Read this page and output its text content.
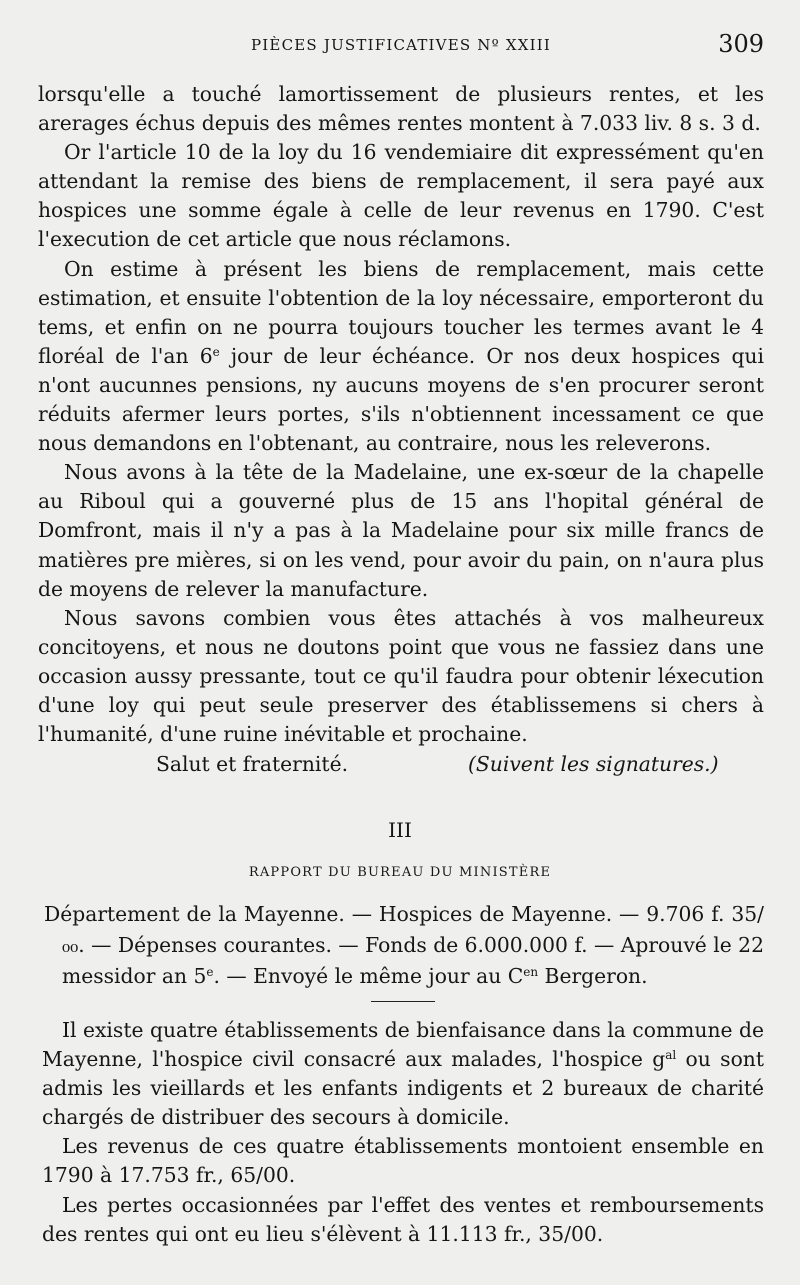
PIÈCES JUSTIFICATIVES Nº XXIII	309

lorsqu'elle a touché lamortissement de plusieurs rentes, et les arerages échus depuis des mêmes rentes montent à 7.033 liv. 8 s. 3 d.

Or l'article 10 de la loy du 16 vendemiaire dit expressément qu'en attendant la remise des biens de remplacement, il sera payé aux hospices une somme égale à celle de leur revenus en 1790. C'est l'execution de cet article que nous réclamons.

On estime à présent les biens de remplacement, mais cette estimation, et ensuite l'obtention de la loy nécessaire, emporteront du tems, et enfin on ne pourra toujours toucher les termes avant le 4 floréal de l'an 6e jour de leur échéance. Or nos deux hospices qui n'ont aucunnes pensions, ny aucuns moyens de s'en procurer seront réduits afermer leurs portes, s'ils n'obtiennent incessament ce que nous demandons en l'obtenant, au contraire, nous les releverons.

Nous avons à la tête de la Madelaine, une ex-sœur de la chapelle au Riboul qui a gouverné plus de 15 ans l'hopital général de Domfront, mais il n'y a pas à la Madelaine pour six mille francs de matières pre mières, si on les vend, pour avoir du pain, on n'aura plus de moyens de relever la manufacture.

Nous savons combien vous êtes attachés à vos malheureux concitoyens, et nous ne doutons point que vous ne fassiez dans une occasion aussy pressante, tout ce qu'il faudra pour obtenir léxecution d'une loy qui peut seule preserver des établissemens si chers à l'humanité, d'une ruine inévitable et prochaine.

Salut et fraternité.	(Suivent les signatures.)
III
RAPPORT DU BUREAU DU MINISTÈRE

Département de la Mayenne. — Hospices de Mayenne. — 9.706 f. 35/₀₀. — Dépenses courantes. — Fonds de 6.000.000 f. — Aprouvé le 22 messidor an 5e. — Envoyé le même jour au $C^{en}$ Bergeron.

Il existe quatre établissements de bienfaisance dans la commune de Mayenne, l'hospice civil consacré aux malades, l'hospice $g^{al}$ ou sont admis les vieillards et les enfants indigents et 2 bureaux de charité chargés de distribuer des secours à domicile.

Les revenus de ces quatre établissements montoient ensemble en 1790 à 17.753 fr., 65/00.

Les pertes occasionnées par l'effet des ventes et remboursements des rentes qui ont eu lieu s'élèvent à 11.113 fr., 35/00.
